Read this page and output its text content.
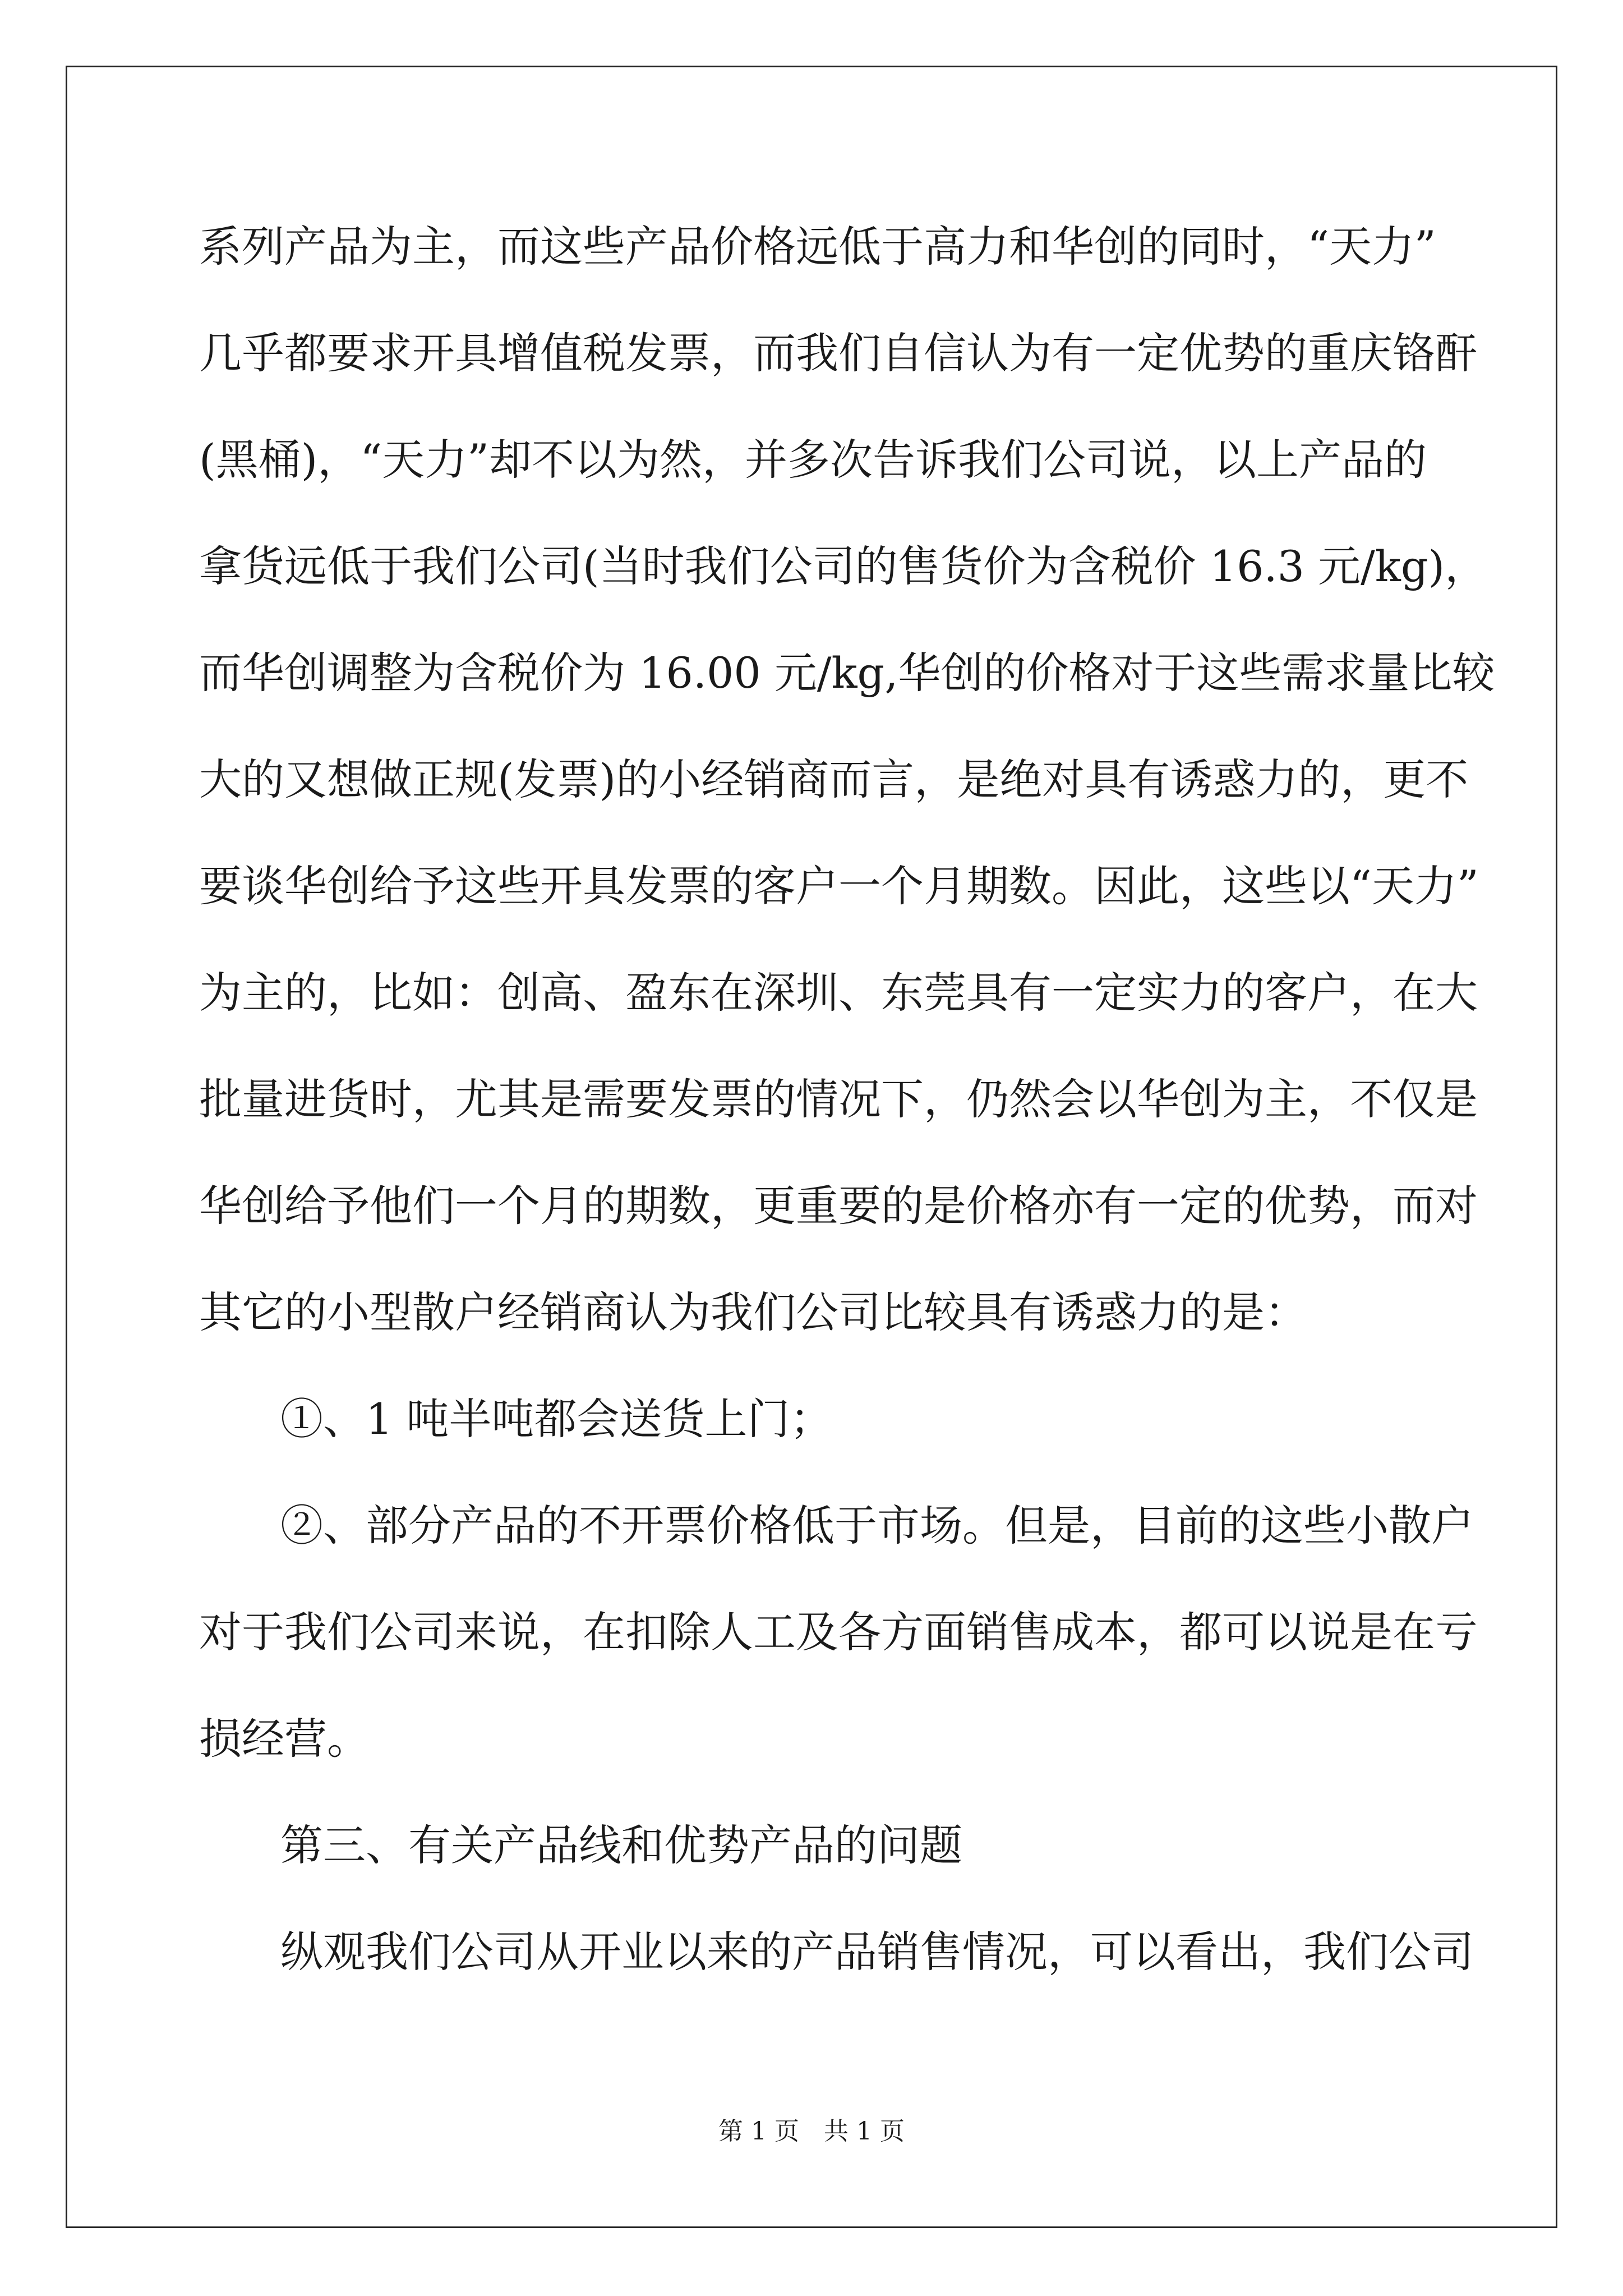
系列产品为主，而这些产品价格远低于高力和华创的同时，“天力”
几乎都要求开具增值税发票，而我们自信认为有一定优势的重庆铬酐
(黑桶)，“天力”却不以为然，并多次告诉我们公司说，以上产品的
拿货远低于我们公司(当时我们公司的售货价为含税价 16.3 元/kg)，
而华创调整为含税价为 16.00 元/kg,华创的价格对于这些需求量比较
大的又想做正规(发票)的小经销商而言，是绝对具有诱惑力的，更不
要谈华创给予这些开具发票的客户一个月期数。因此，这些以“天力”
为主的，比如：创高、盈东在深圳、东莞具有一定实力的客户，在大
批量进货时，尤其是需要发票的情况下，仍然会以华创为主，不仅是
华创给予他们一个月的期数，更重要的是价格亦有一定的优势，而对
其它的小型散户经销商认为我们公司比较具有诱惑力的是：
①、1 吨半吨都会送货上门；
②、部分产品的不开票价格低于市场。但是，目前的这些小散户
对于我们公司来说，在扣除人工及各方面销售成本，都可以说是在亏
损经营。
第三、有关产品线和优势产品的问题
纵观我们公司从开业以来的产品销售情况，可以看出，我们公司
第 1 页　共 1 页
